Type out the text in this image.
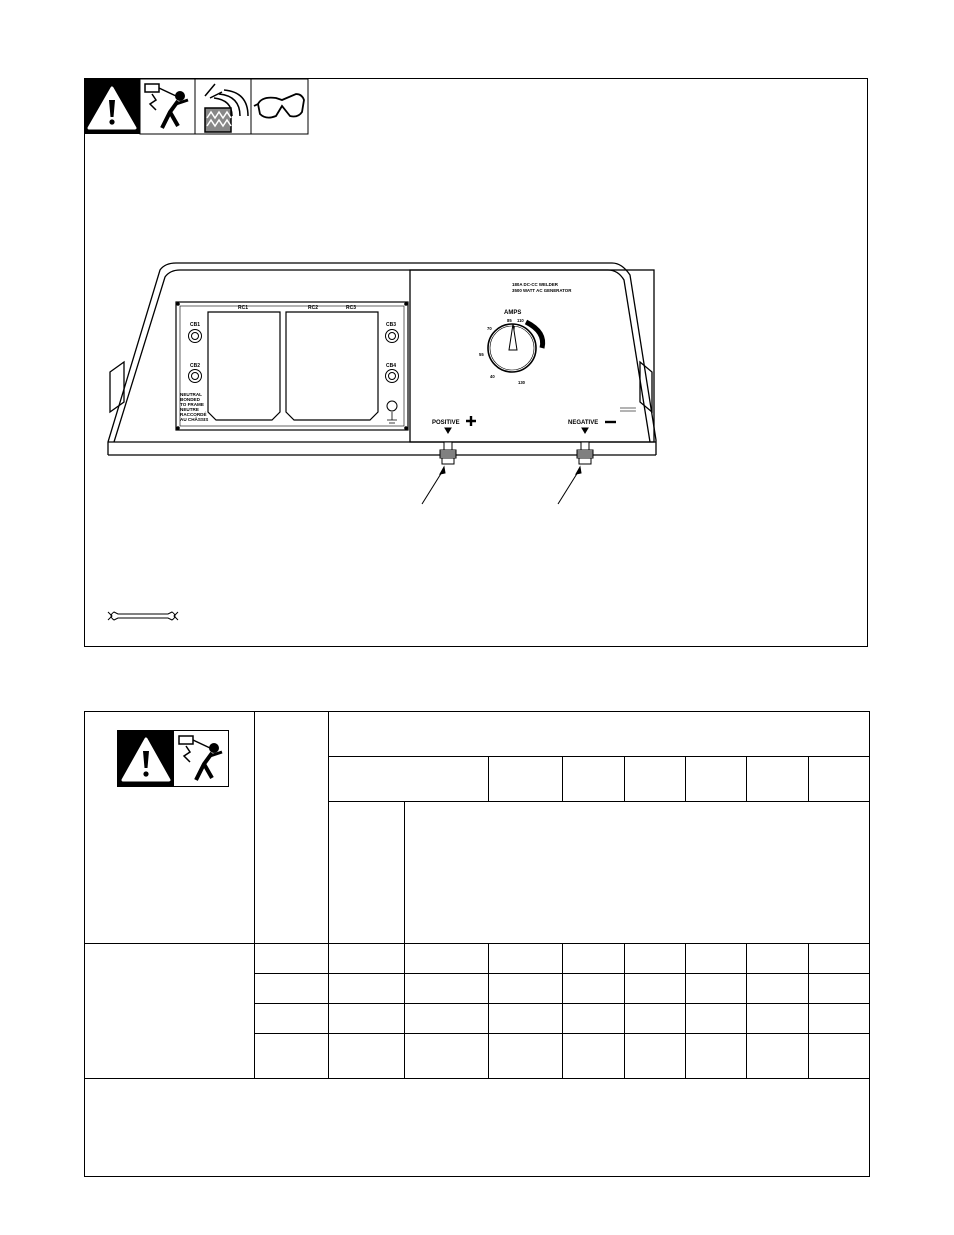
RC1	RC2	RC3
CB1
CB2
CB3
CB4
NEUTRAL
BONDED
TO FRAME
NEUTRE
RACCORDÉ
AU CHÂSSIS
180A DC-CC WELDER
3500 WATT AC GENERATOR
AMPS
40
55
70
85 110
130
POSITIVE	NEGATIVE
